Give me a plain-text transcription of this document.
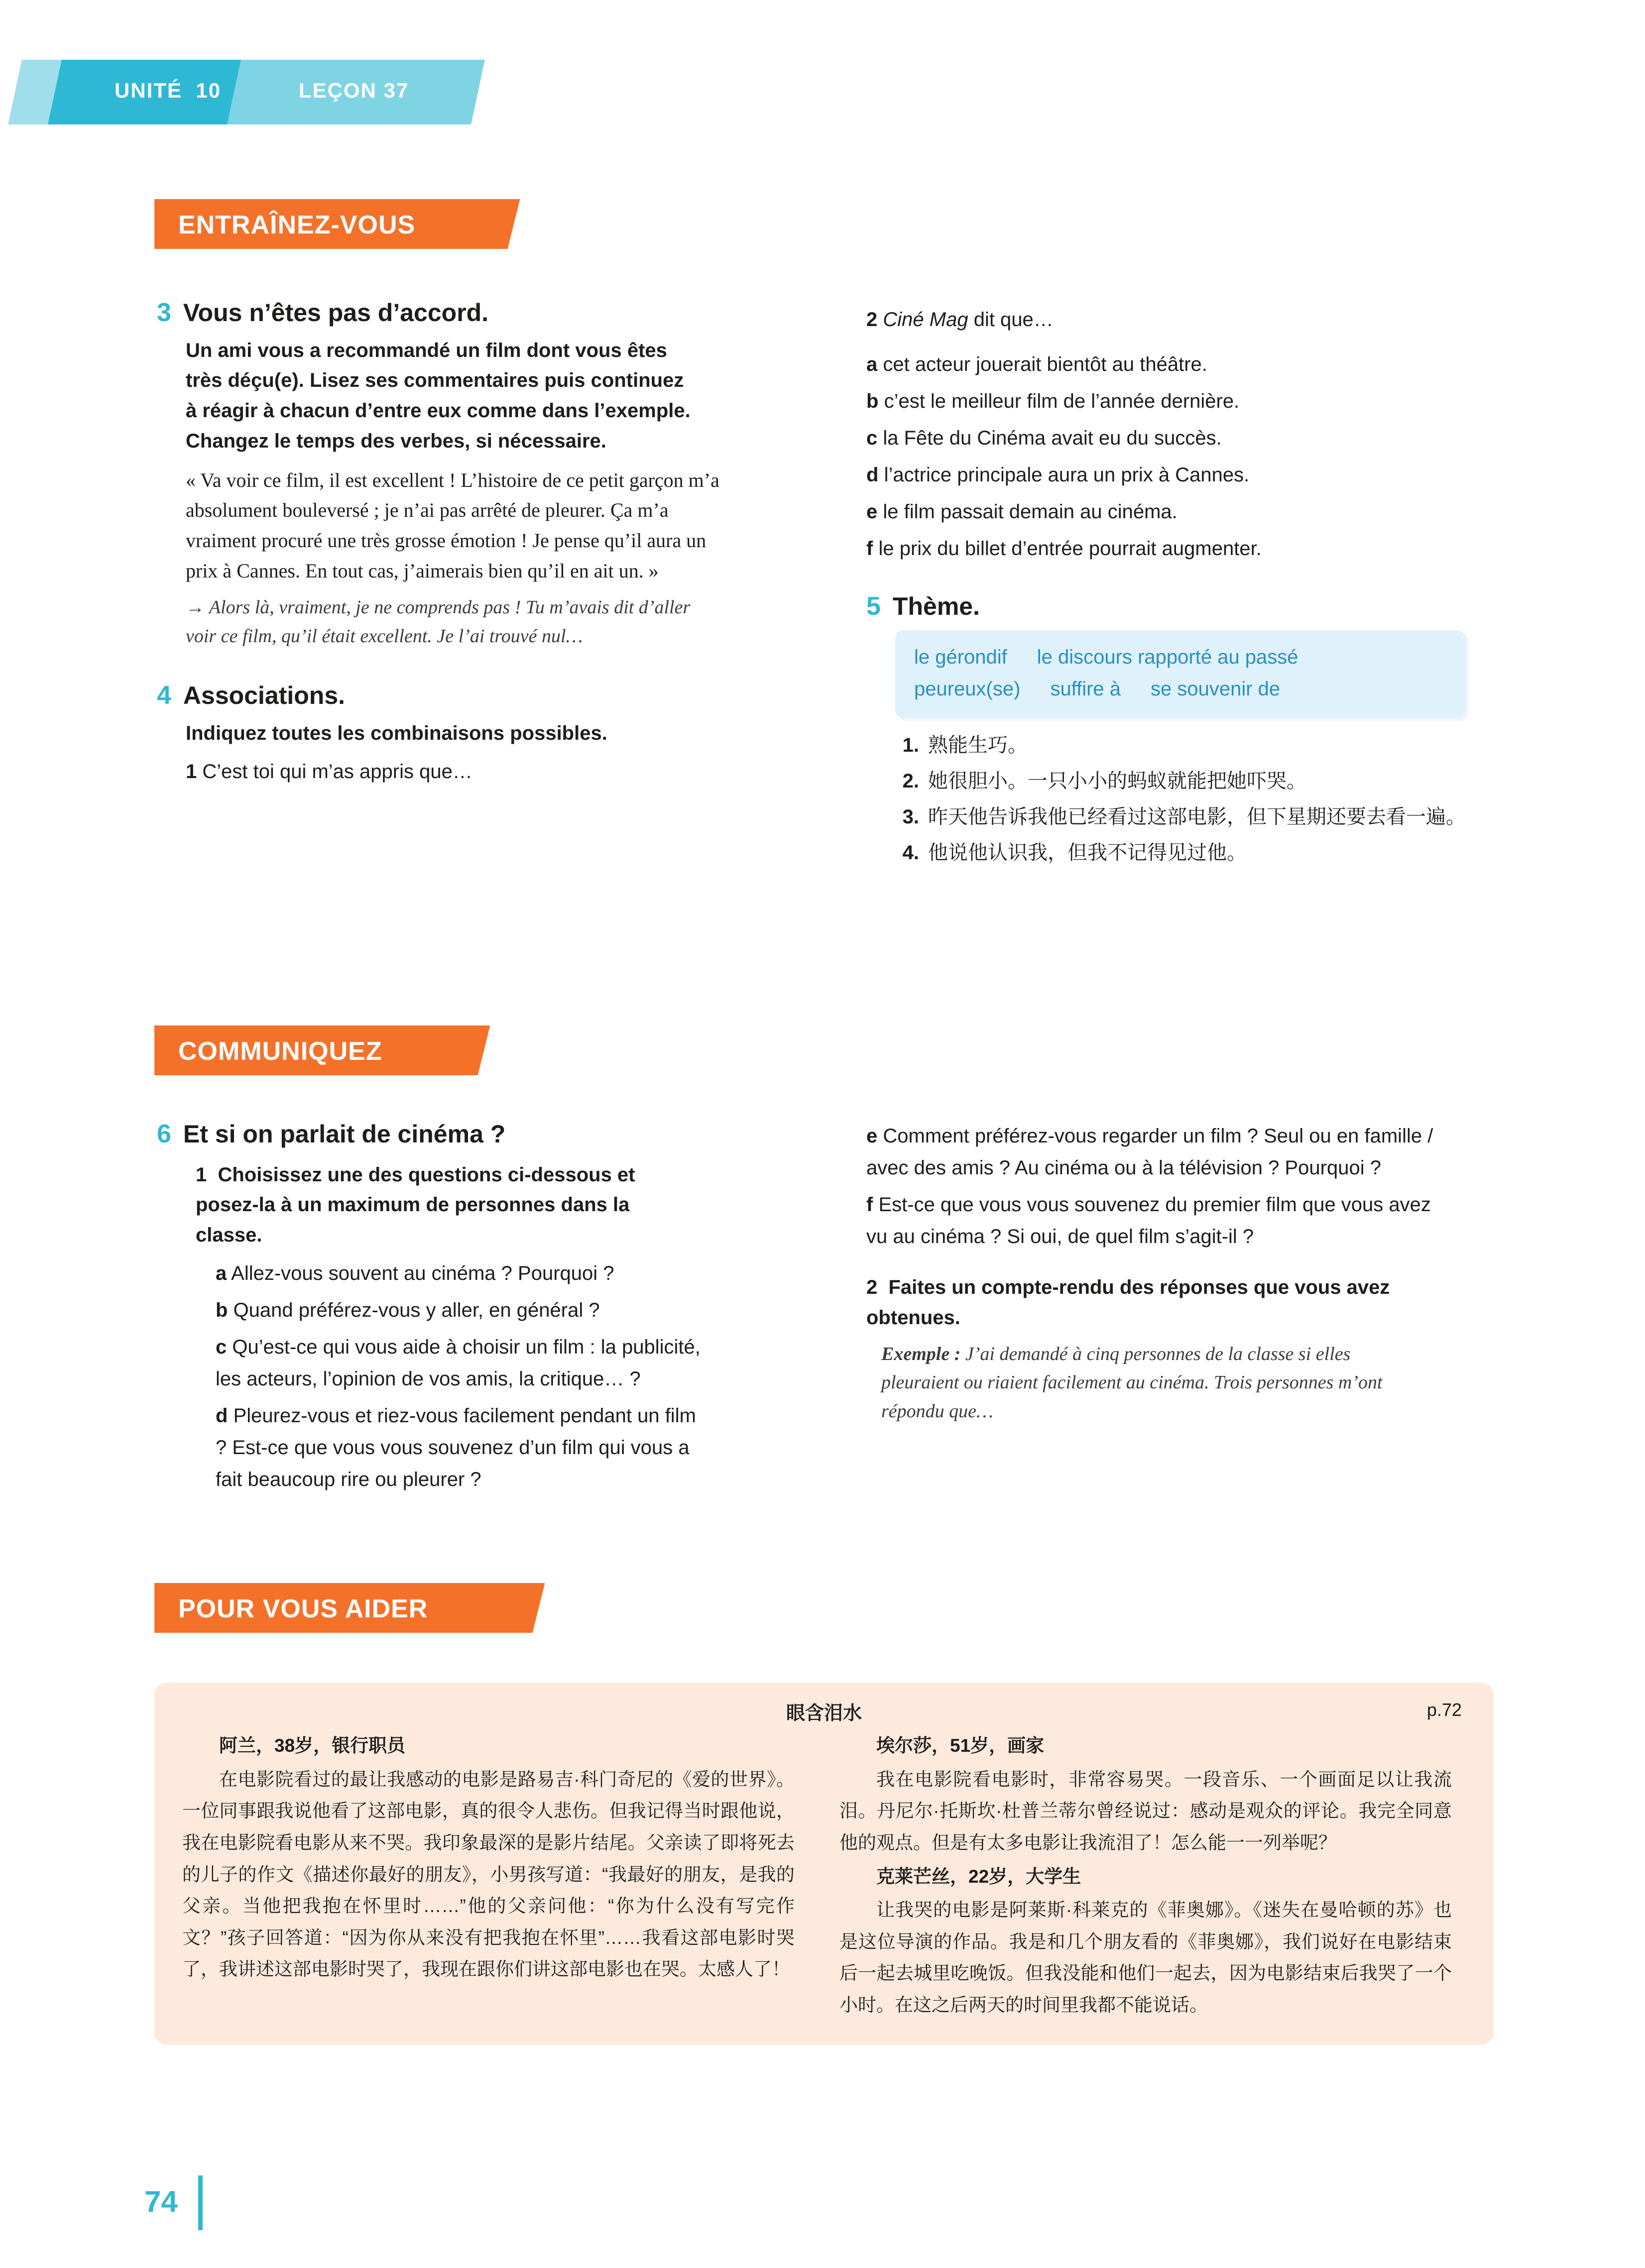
UNITÉ 10	LEÇON 37
ENTRAÎNEZ-VOUS
3 Vous n’êtes pas d’accord.

Un ami vous a recommandé un film dont vous êtes très déçu(e). Lisez ses commentaires puis continuez à réagir à chacun d’entre eux comme dans l’exemple. Changez le temps des verbes, si nécessaire.

« Va voir ce film, il est excellent ! L’histoire de ce petit garçon m’a absolument bouleversé ; je n’ai pas arrêté de pleurer. Ça m’a vraiment procuré une très grosse émotion ! Je pense qu’il aura un prix à Cannes. En tout cas, j’aimerais bien qu’il en ait un. »

→ Alors là, vraiment, je ne comprends pas ! Tu m’avais dit d’aller voir ce film, qu’il était excellent. Je l’ai trouvé nul…

4 Associations.

Indiquez toutes les combinaisons possibles.

1 C’est toi qui m’as appris que…

2 Ciné Mag dit que…

a cet acteur jouerait bientôt au théâtre.

b c’est le meilleur film de l’année dernière.

c la Fête du Cinéma avait eu du succès.

d l’actrice principale aura un prix à Cannes.

e le film passait demain au cinéma.

f le prix du billet d’entrée pourrait augmenter.

5 Thème.
le gérondif le discours rapporté au passé
peureux(se) suffire à se souvenir de
1. 熟能生巧。
2. 她很胆小。一只小小的蚂蚁就能把她吓哭。
3. 昨天他告诉我他已经看过这部电影，但下星期还要去看一遍。
4. 他说他认识我，但我不记得见过他。
COMMUNIQUEZ
6 Et si on parlait de cinéma ?

1 Choisissez une des questions ci-dessous et posez-la à un maximum de personnes dans la classe.

a Allez-vous souvent au cinéma ? Pourquoi ?

b Quand préférez-vous y aller, en général ?

c Qu’est-ce qui vous aide à choisir un film : la publicité, les acteurs, l’opinion de vos amis, la critique… ?

d Pleurez-vous et riez-vous facilement pendant un film ? Est-ce que vous vous souvenez d’un film qui vous a fait beaucoup rire ou pleurer ?

e Comment préférez-vous regarder un film ? Seul ou en famille / avec des amis ? Au cinéma ou à la télévision ? Pourquoi ?

f Est-ce que vous vous souvenez du premier film que vous avez vu au cinéma ? Si oui, de quel film s’agit-il ?

2 Faites un compte-rendu des réponses que vous avez obtenues.

Exemple : J’ai demandé à cinq personnes de la classe si elles pleuraient ou riaient facilement au cinéma. Trois personnes m’ont répondu que…

POUR VOUS AIDER
眼含泪水	p.72

阿兰，38岁，银行职员

在电影院看过的最让我感动的电影是路易吉·科门奇尼的《爱的世界》。一位同事跟我说他看了这部电影，真的很令人悲伤。但我记得当时跟他说，我在电影院看电影从来不哭。我印象最深的是影片结尾。父亲读了即将死去的儿子的作文《描述你最好的朋友》，小男孩写道：“我最好的朋友，是我的父亲。当他把我抱在怀里时……”他的父亲问他：“你为什么没有写完作文？”孩子回答道：“因为你从来没有把我抱在怀里”……我看这部电影时哭了，我讲述这部电影时哭了，我现在跟你们讲这部电影也在哭。太感人了！

埃尔莎，51岁，画家

我在电影院看电影时，非常容易哭。一段音乐、一个画面足以让我流泪。丹尼尔·托斯坎·杜普兰蒂尔曾经说过：感动是观众的评论。我完全同意他的观点。但是有太多电影让我流泪了！怎么能一一列举呢？

克莱芒丝，22岁，大学生

让我哭的电影是阿莱斯·科莱克的《菲奥娜》。《迷失在曼哈顿的苏》也是这位导演的作品。我是和几个朋友看的《菲奥娜》，我们说好在电影结束后一起去城里吃晚饭。但我没能和他们一起去，因为电影结束后我哭了一个小时。在这之后两天的时间里我都不能说话。

74
